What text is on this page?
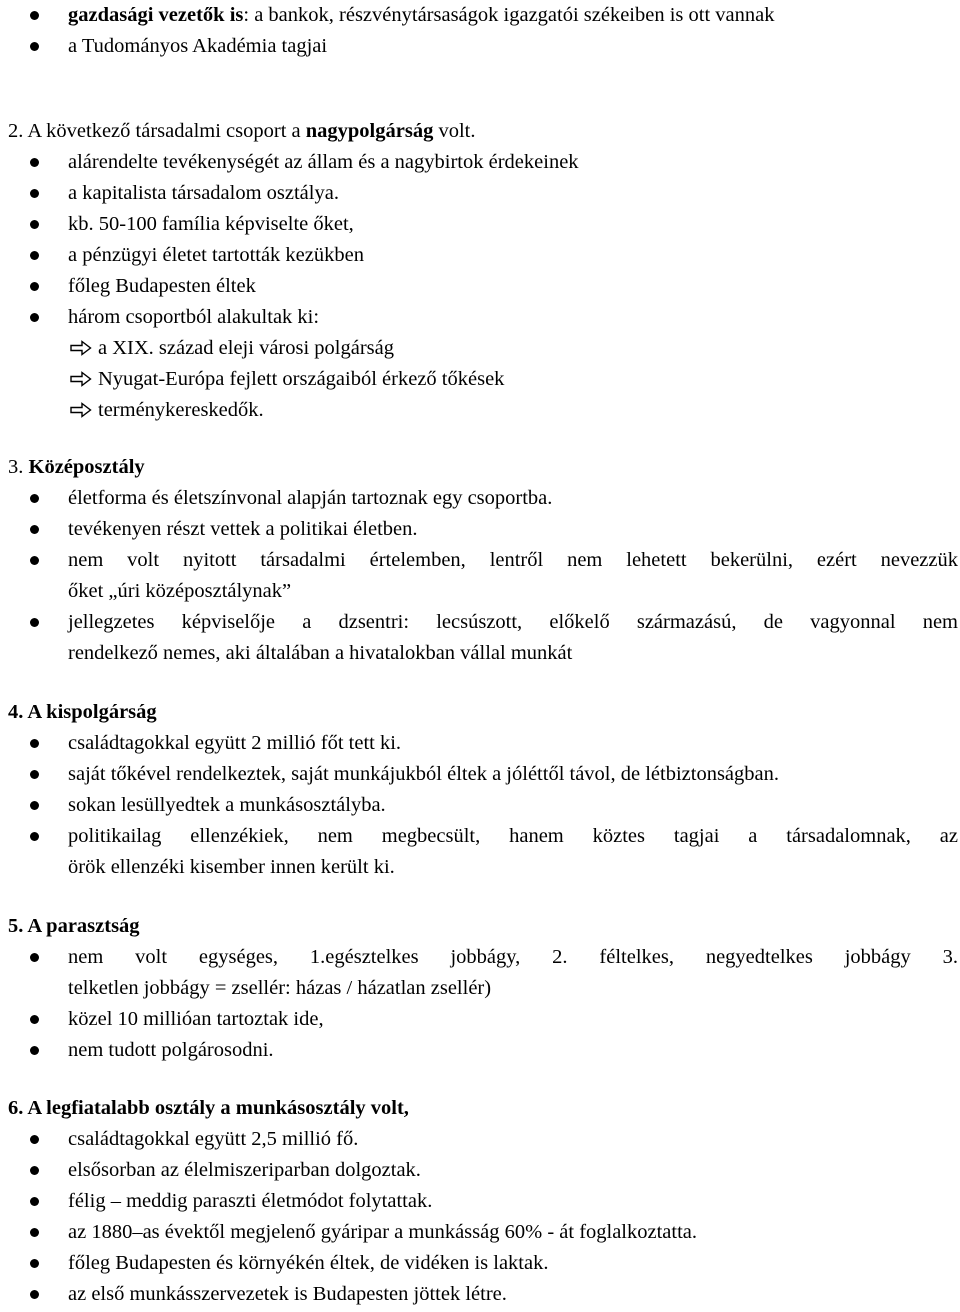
gazdasági vezetők is: a bankok, részvénytársaságok igazgatói székeiben is ott vannak
a Tudományos Akadémia tagjai
2. A következő társadalmi csoport a nagypolgárság volt.
alárendelte tevékenységét az állam és a nagybirtok érdekeinek
a kapitalista társadalom osztálya.
kb. 50-100 família képviselte őket,
a pénzügyi életet tartották kezükben
főleg Budapesten éltek
három csoportból alakultak ki:
a XIX. század eleji városi polgárság
Nyugat-Európa fejlett országaiból érkező tőkések
terménykereskedők.
3. Középosztály
életforma és életszínvonal alapján tartoznak egy csoportba.
tevékenyen részt vettek a politikai életben.
nem volt nyitott társadalmi értelemben, lentről nem lehetett bekerülni, ezért nevezzük
őket „úri középosztálynak”
jellegzetes képviselője a dzsentri: lecsúszott, előkelő származású, de vagyonnal nem
rendelkező nemes, aki általában a hivatalokban vállal munkát
4. A kispolgárság
családtagokkal együtt 2 millió főt tett ki.
saját tőkével rendelkeztek, saját munkájukból éltek a jóléttől távol, de létbiztonságban.
sokan lesüllyedtek a munkásosztályba.
politikailag ellenzékiek, nem megbecsült, hanem köztes tagjai a társadalomnak, az
örök ellenzéki kisember innen került ki.
5. A parasztság
nem volt egységes, 1.egésztelkes jobbágy, 2. féltelkes, negyedtelkes jobbágy 3.
telketlen jobbágy = zsellér: házas / házatlan zsellér)
közel 10 millióan tartoztak ide,
nem tudott polgárosodni.
6. A legfiatalabb osztály a munkásosztály volt,
családtagokkal együtt 2,5 millió fő.
elsősorban az élelmiszeriparban dolgoztak.
félig – meddig paraszti életmódot folytattak.
az 1880–as évektől megjelenő gyáripar a munkásság 60% - át foglalkoztatta.
főleg Budapesten és környékén éltek, de vidéken is laktak.
az első munkásszervezetek is Budapesten jöttek létre.
